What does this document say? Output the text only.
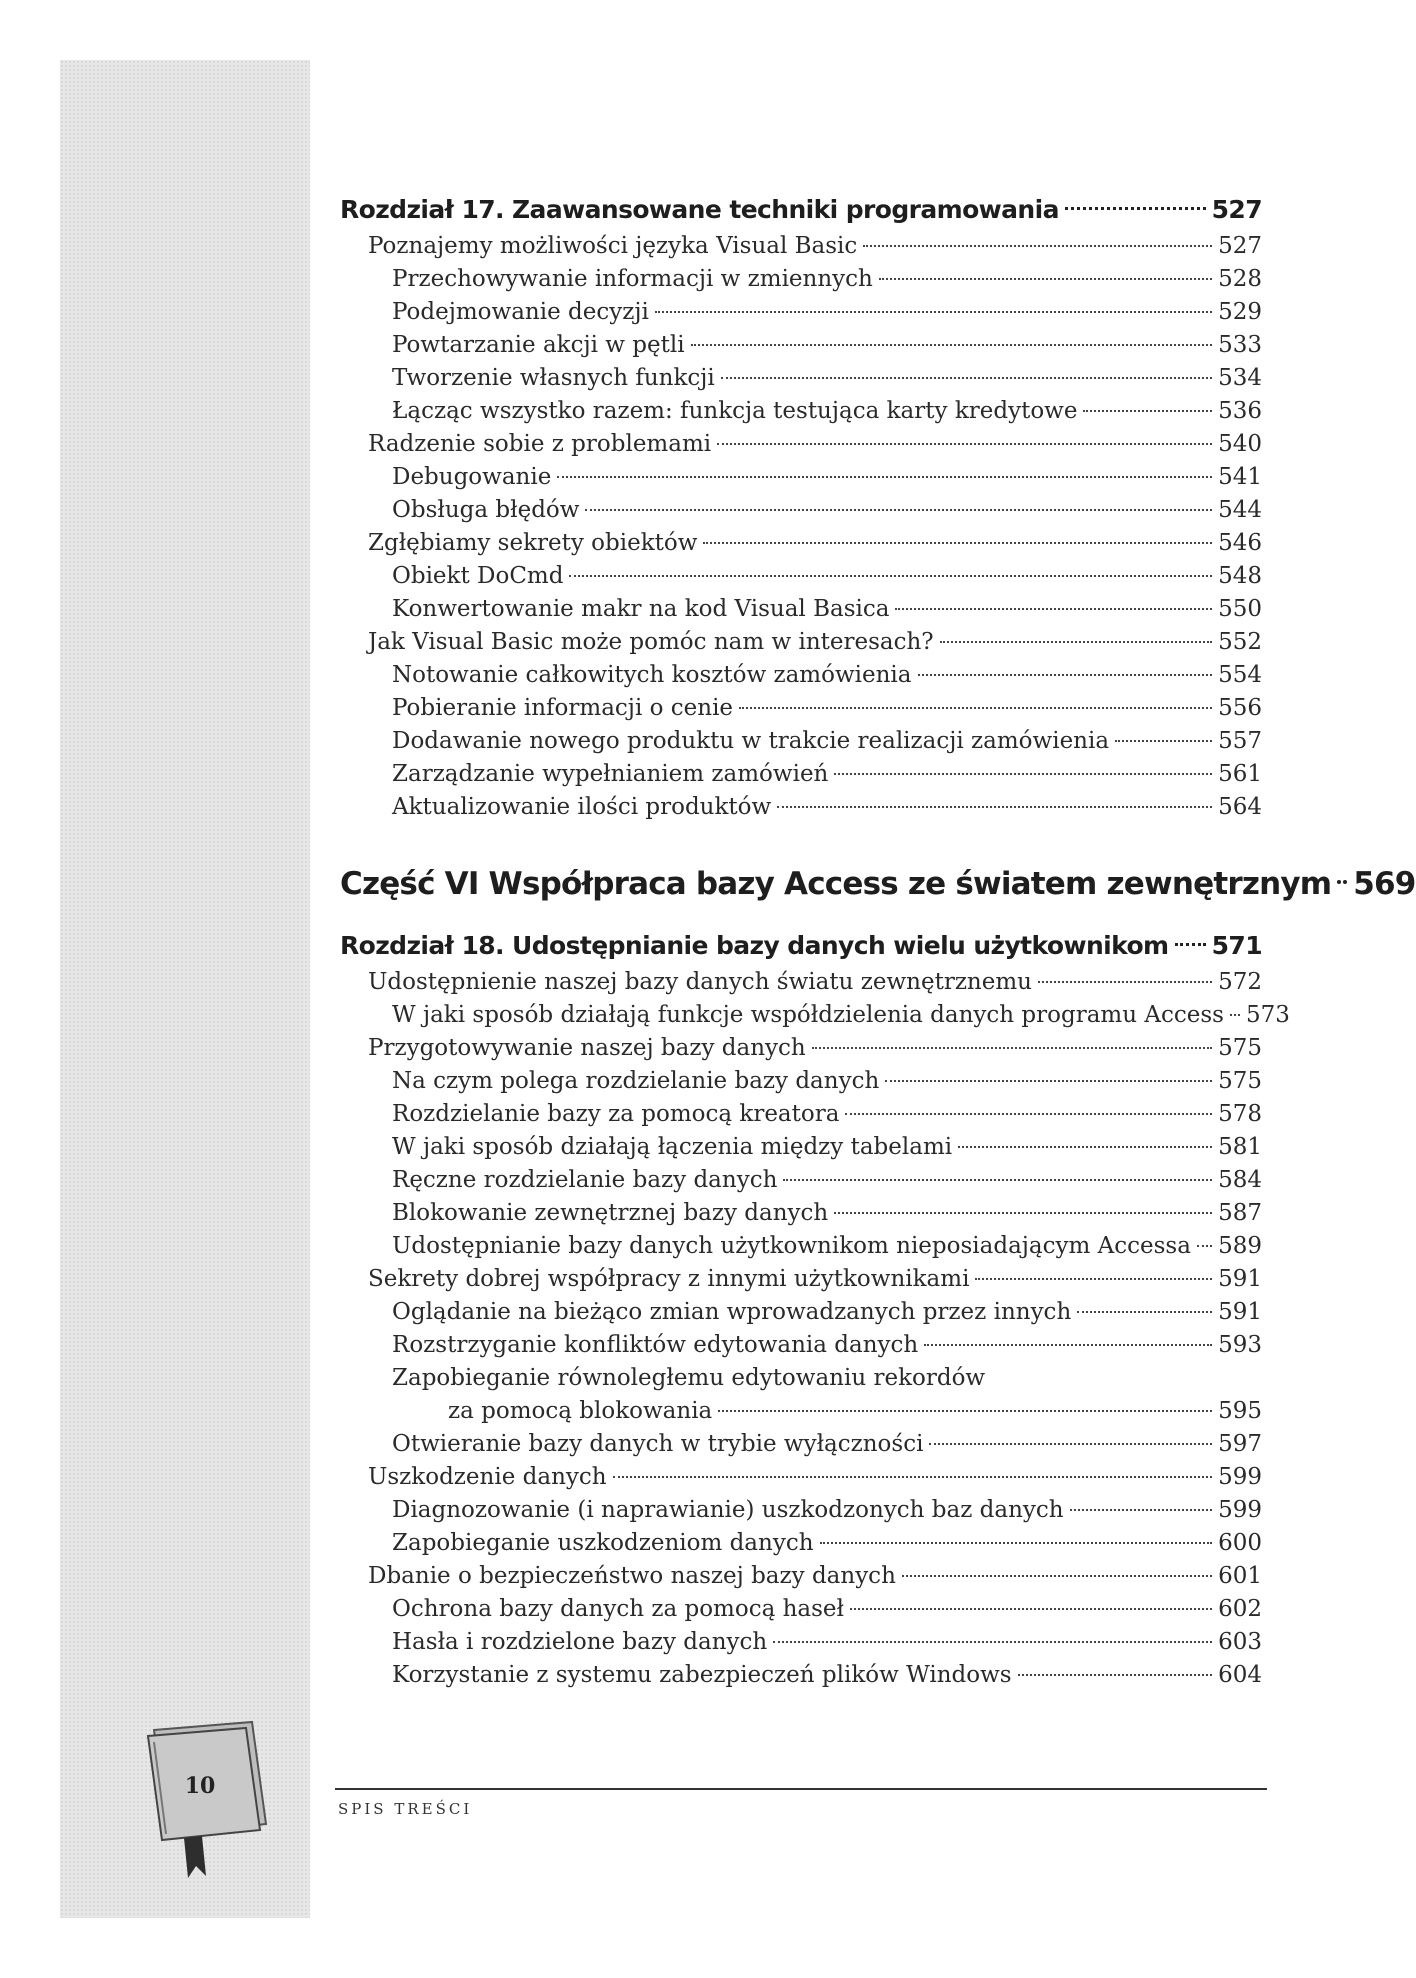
Rozdział 17. Zaawansowane techniki programowania	527
Poznajemy możliwości języka Visual Basic	527
Przechowywanie informacji w zmiennych	528
Podejmowanie decyzji	529
Powtarzanie akcji w pętli	533
Tworzenie własnych funkcji	534
Łącząc wszystko razem: funkcja testująca karty kredytowe	536
Radzenie sobie z problemami	540
Debugowanie	541
Obsługa błędów	544
Zgłębiamy sekrety obiektów	546
Obiekt DoCmd	548
Konwertowanie makr na kod Visual Basica	550
Jak Visual Basic może pomóc nam w interesach?	552
Notowanie całkowitych kosztów zamówienia	554
Pobieranie informacji o cenie	556
Dodawanie nowego produktu w trakcie realizacji zamówienia	557
Zarządzanie wypełnianiem zamówień	561
Aktualizowanie ilości produktów	564
Część VI Współpraca bazy Access ze światem zewnętrznym 569
Rozdział 18. Udostępnianie bazy danych wielu użytkownikom 571
Udostępnienie naszej bazy danych światu zewnętrznemu	572
W jaki sposób działają funkcje współdzielenia danych programu Access 573
Przygotowywanie naszej bazy danych	575
Na czym polega rozdzielanie bazy danych	575
Rozdzielanie bazy za pomocą kreatora	578
W jaki sposób działają łączenia między tabelami	581
Ręczne rozdzielanie bazy danych	584
Blokowanie zewnętrznej bazy danych	587
Udostępnianie bazy danych użytkownikom nieposiadającym Accessa 589
Sekrety dobrej współpracy z innymi użytkownikami	591
Oglądanie na bieżąco zmian wprowadzanych przez innych	591
Rozstrzyganie konfliktów edytowania danych	593
Zapobieganie równoległemu edytowaniu rekordów
za pomocą blokowania	595
Otwieranie bazy danych w trybie wyłączności	597
Uszkodzenie danych	599
Diagnozowanie (i naprawianie) uszkodzonych baz danych	599
Zapobieganie uszkodzeniom danych	600
Dbanie o bezpieczeństwo naszej bazy danych	601
Ochrona bazy danych za pomocą haseł	602
Hasła i rozdzielone bazy danych	603
Korzystanie z systemu zabezpieczeń plików Windows	604
10
SPIS TREŚCI
